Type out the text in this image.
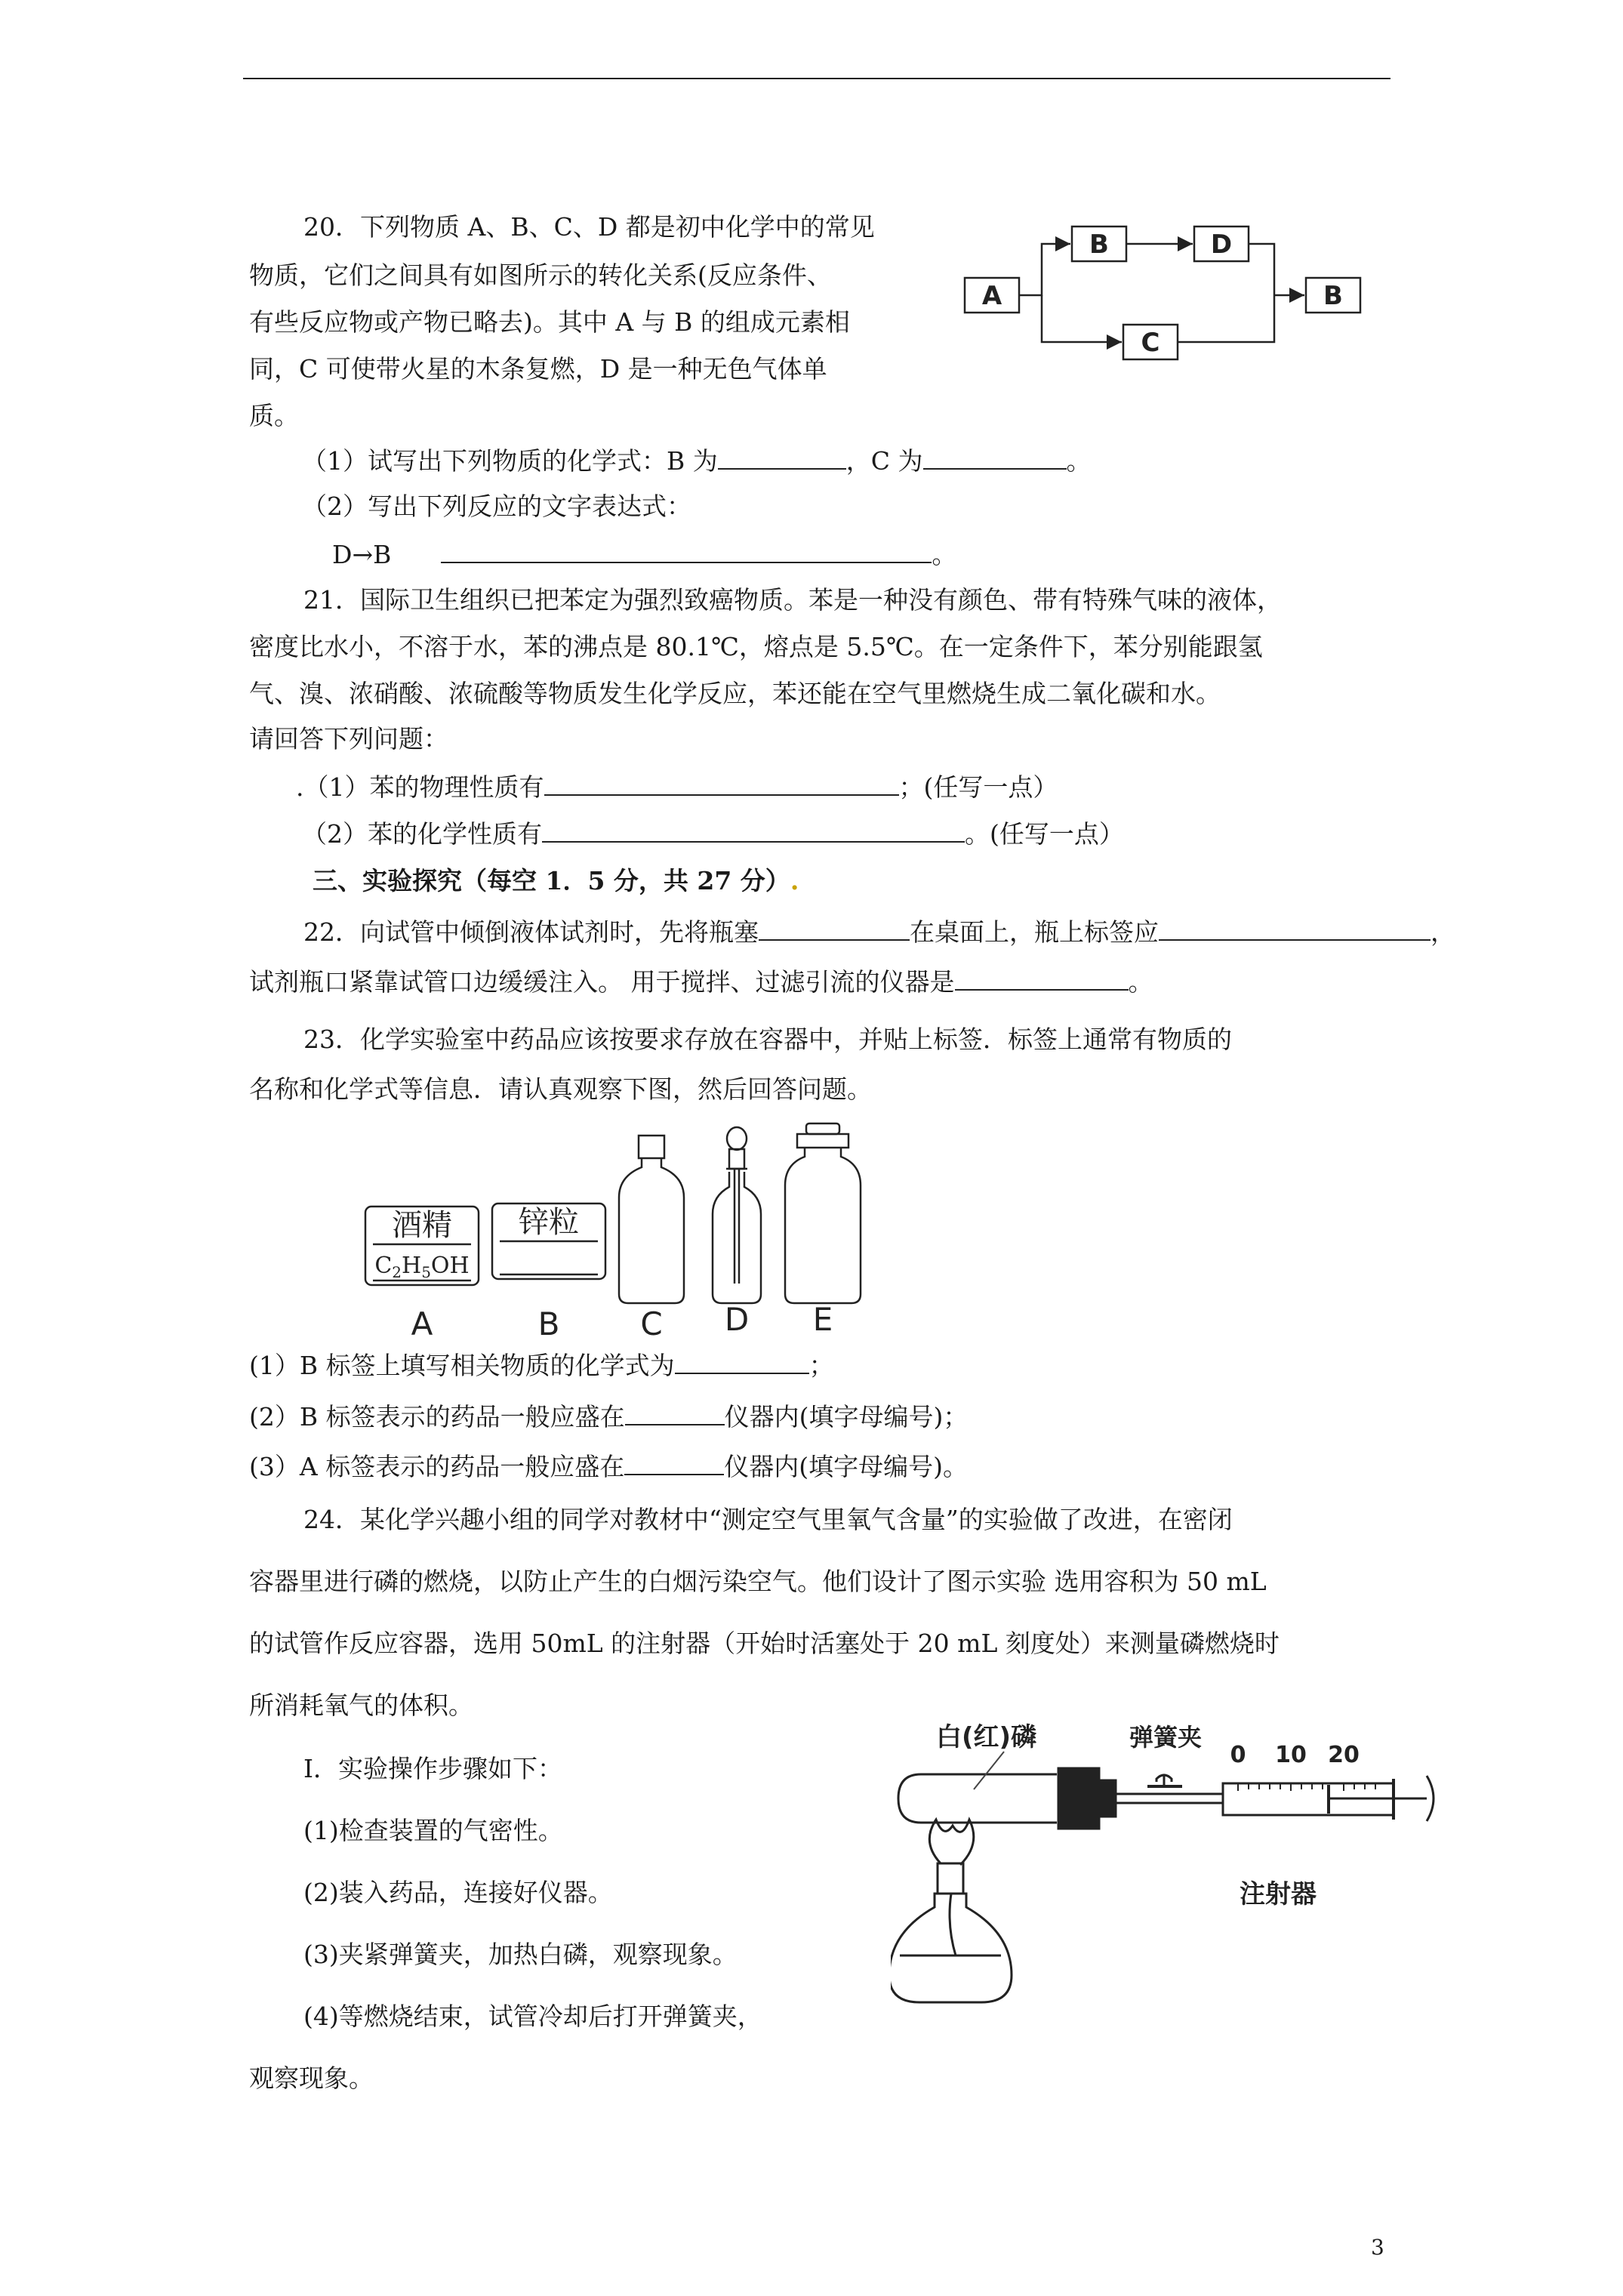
20．下列物质 A、B、C、D 都是初中化学中的常见
物质，它们之间具有如图所示的转化关系(反应条件、
有些反应物或产物已略去)。其中 A 与 B 的组成元素相
同，C 可使带火星的木条复燃，D 是一种无色气体单
质。
A
B	D
C
B
（1）试写出下列物质的化学式：B 为	，C 为	。
（2）写出下列反应的文字表达式：
D→B	。
21．国际卫生组织已把苯定为强烈致癌物质。苯是一种没有颜色、带有特殊气味的液体，
密度比水小，不溶于水，苯的沸点是 80.1℃，熔点是 5.5℃。在一定条件下，苯分别能跟氢
气、溴、浓硝酸、浓硫酸等物质发生化学反应，苯还能在空气里燃烧生成二氧化碳和水。
请回答下列问题：
.（1）苯的物理性质有	；(任写一点）
（2）苯的化学性质有	。(任写一点）
三、实验探究（每空 1．5 分，共 27 分）.
22．向试管中倾倒液体试剂时，先将瓶塞	在桌面上，瓶上标签应	，
试剂瓶口紧靠试管口边缓缓注入。 用于搅拌、过滤引流的仪器是	。
23．化学实验室中药品应该按要求存放在容器中，并贴上标签．标签上通常有物质的
名称和化学式等信息．请认真观察下图，然后回答问题。
酒精
$C_2H_5OH$
锌粒
A	B	C D E
(1）B 标签上填写相关物质的化学式为	；
(2）B 标签表示的药品一般应盛在	仪器内(填字母编号)；
(3）A 标签表示的药品一般应盛在	仪器内(填字母编号)。
24．某化学兴趣小组的同学对教材中“测定空气里氧气含量”的实验做了改进，在密闭
容器里进行磷的燃烧，以防止产生的白烟污染空气。他们设计了图示实验 选用容积为 50 mL
的试管作反应容器，选用 50mL 的注射器（开始时活塞处于 20 mL 刻度处）来测量磷燃烧时
所消耗氧气的体积。
I．实验操作步骤如下：
(1)检查装置的气密性。
(2)装入药品，连接好仪器。
(3)夹紧弹簧夹，加热白磷，观察现象。
(4)等燃烧结束，试管冷却后打开弹簧夹，
观察现象。
白(红)磷	弹簧夹
0 10 20
注射器
3
